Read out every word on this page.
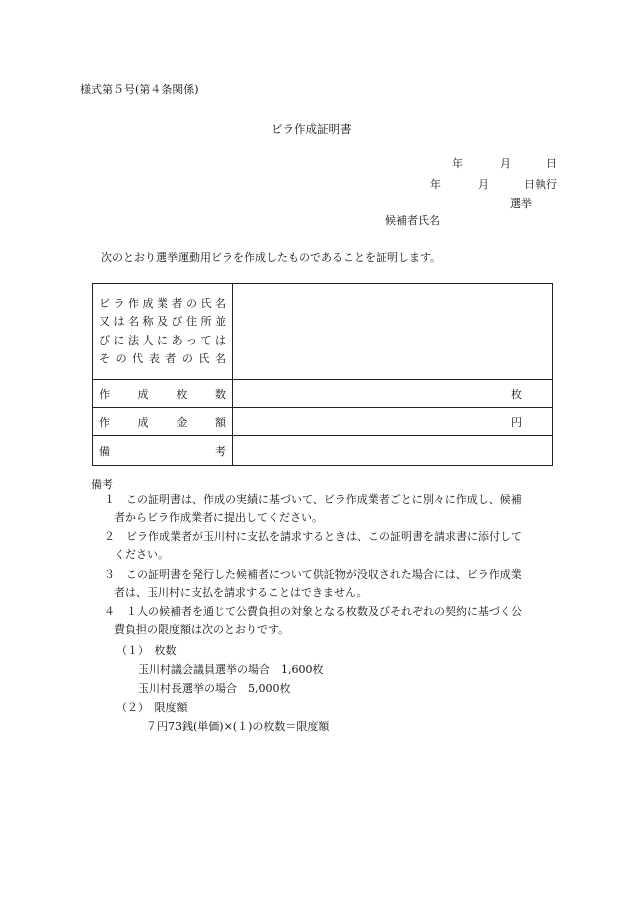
様式第５号(第４条関係)
ビラ作成証明書
年	月	日
年	月	日執行
選挙
候補者氏名
次のとおり選挙運動用ビラを作成したものであることを証明します。
ビラ作成業者の氏名
又は名称及び住所並
びに法人にあっては
その代表者の氏名	

作 成 枚 数	枚

作 成 金 額	円

備 考	

備考
１ この証明書は、作成の実績に基づいて、ビラ作成業者ごとに別々に作成し、候補
者からビラ作成業者に提出してください。
２ ビラ作成業者が玉川村に支払を請求するときは、この証明書を請求書に添付して
ください。
３ この証明書を発行した候補者について供託物が没収された場合には、ビラ作成業
者は、玉川村に支払を請求することはできません。
４ １人の候補者を通じて公費負担の対象となる枚数及びそれぞれの契約に基づく公
費負担の限度額は次のとおりです。
（１）　枚数
玉川村議会議員選挙の場合　1,600枚
玉川村長選挙の場合　5,000枚
（２）　限度額
７円73銭(単価)×(１)の枚数＝限度額
